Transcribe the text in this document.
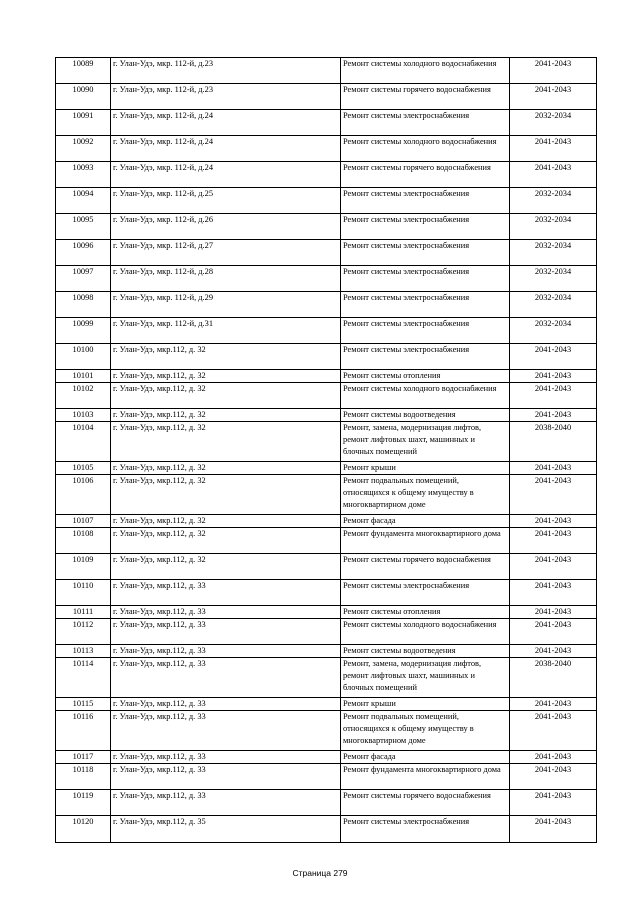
10089	г. Улан-Удэ, мкр. 112-й, д.23	Ремонт системы холодного водоснабжения	2041-2043
10090	г. Улан-Удэ, мкр. 112-й, д.23	Ремонт системы горячего водоснабжения	2041-2043
10091	г. Улан-Удэ, мкр. 112-й, д.24	Ремонт системы электроснабжения	2032-2034
10092	г. Улан-Удэ, мкр. 112-й, д.24	Ремонт системы холодного водоснабжения	2041-2043
10093	г. Улан-Удэ, мкр. 112-й, д.24	Ремонт системы горячего водоснабжения	2041-2043
10094	г. Улан-Удэ, мкр. 112-й, д.25	Ремонт системы электроснабжения	2032-2034
10095	г. Улан-Удэ, мкр. 112-й, д.26	Ремонт системы электроснабжения	2032-2034
10096	г. Улан-Удэ, мкр. 112-й, д.27	Ремонт системы электроснабжения	2032-2034
10097	г. Улан-Удэ, мкр. 112-й, д.28	Ремонт системы электроснабжения	2032-2034
10098	г. Улан-Удэ, мкр. 112-й, д.29	Ремонт системы электроснабжения	2032-2034
10099	г. Улан-Удэ, мкр. 112-й, д.31	Ремонт системы электроснабжения	2032-2034
10100	г. Улан-Удэ, мкр.112, д. 32	Ремонт системы электроснабжения	2041-2043
10101	г. Улан-Удэ, мкр.112, д. 32	Ремонт системы отопления	2041-2043
10102	г. Улан-Удэ, мкр.112, д. 32	Ремонт системы холодного водоснабжения	2041-2043
10103	г. Улан-Удэ, мкр.112, д. 32	Ремонт системы водоотведения	2041-2043
10104	г. Улан-Удэ, мкр.112, д. 32	Ремонт, замена, модернизация лифтов, ремонт лифтовых шахт, машинных и блочных помещений	2038-2040
10105	г. Улан-Удэ, мкр.112, д. 32	Ремонт крыши	2041-2043
10106	г. Улан-Удэ, мкр.112, д. 32	Ремонт подвальных помещений, относящихся к общему имуществу в многоквартирном доме	2041-2043
10107	г. Улан-Удэ, мкр.112, д. 32	Ремонт фасада	2041-2043
10108	г. Улан-Удэ, мкр.112, д. 32	Ремонт фундамента многоквартирного дома	2041-2043
10109	г. Улан-Удэ, мкр.112, д. 32	Ремонт системы горячего водоснабжения	2041-2043
10110	г. Улан-Удэ, мкр.112, д. 33	Ремонт системы электроснабжения	2041-2043
10111	г. Улан-Удэ, мкр.112, д. 33	Ремонт системы отопления	2041-2043
10112	г. Улан-Удэ, мкр.112, д. 33	Ремонт системы холодного водоснабжения	2041-2043
10113	г. Улан-Удэ, мкр.112, д. 33	Ремонт системы водоотведения	2041-2043
10114	г. Улан-Удэ, мкр.112, д. 33	Ремонт, замена, модернизация лифтов, ремонт лифтовых шахт, машинных и блочных помещений	2038-2040
10115	г. Улан-Удэ, мкр.112, д. 33	Ремонт крыши	2041-2043
10116	г. Улан-Удэ, мкр.112, д. 33	Ремонт подвальных помещений, относящихся к общему имуществу в многоквартирном доме	2041-2043
10117	г. Улан-Удэ, мкр.112, д. 33	Ремонт фасада	2041-2043
10118	г. Улан-Удэ, мкр.112, д. 33	Ремонт фундамента многоквартирного дома	2041-2043
10119	г. Улан-Удэ, мкр.112, д. 33	Ремонт системы горячего водоснабжения	2041-2043
10120	г. Улан-Удэ, мкр.112, д. 35	Ремонт системы электроснабжения	2041-2043
Страница 279
